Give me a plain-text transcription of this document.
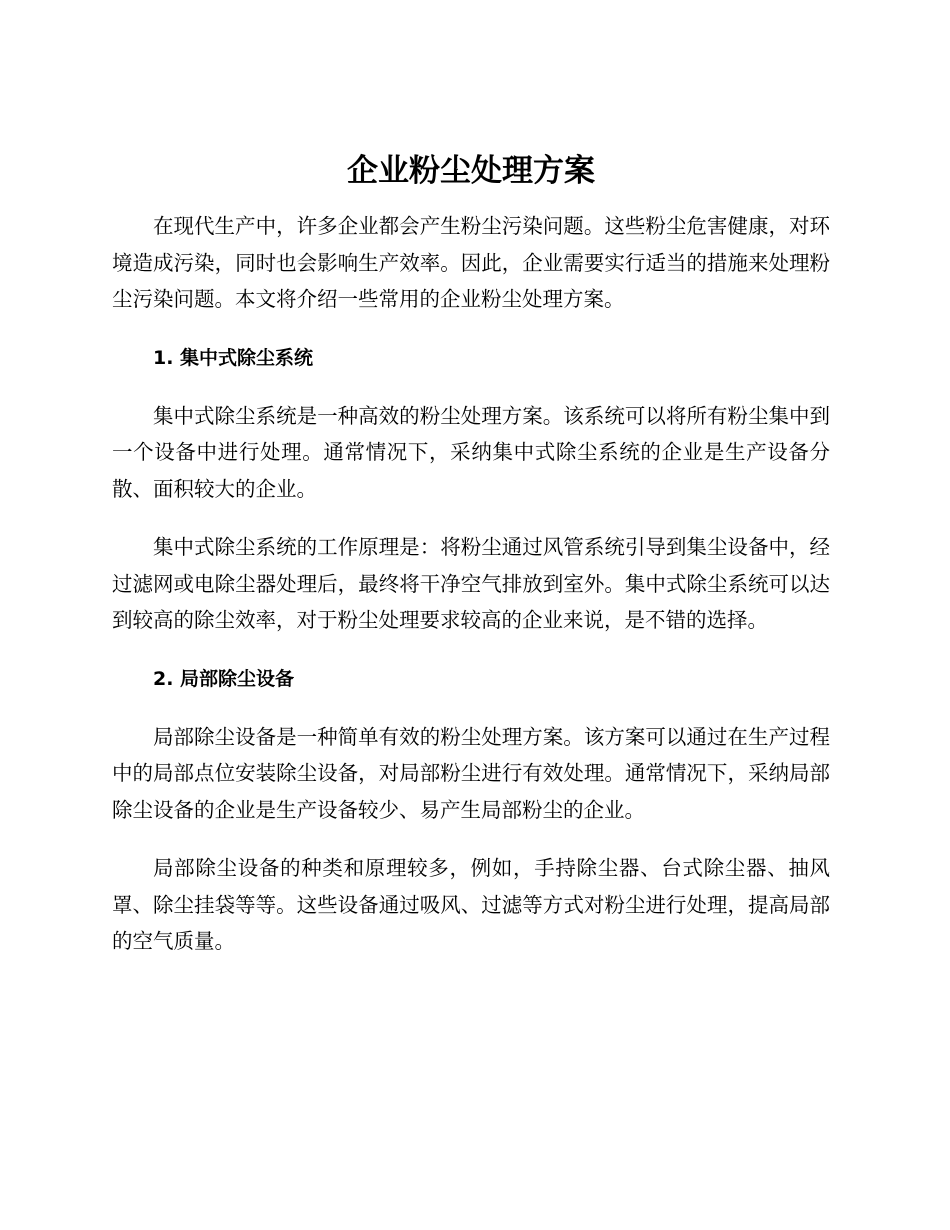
企业粉尘处理方案

在现代生产中，许多企业都会产生粉尘污染问题。这些粉尘危害健康，对环境造成污染，同时也会影响生产效率。因此，企业需要实行适当的措施来处理粉尘污染问题。本文将介绍一些常用的企业粉尘处理方案。

1. 集中式除尘系统

集中式除尘系统是一种高效的粉尘处理方案。该系统可以将所有粉尘集中到一个设备中进行处理。通常情况下，采纳集中式除尘系统的企业是生产设备分散、面积较大的企业。

集中式除尘系统的工作原理是：将粉尘通过风管系统引导到集尘设备中，经过滤网或电除尘器处理后，最终将干净空气排放到室外。集中式除尘系统可以达到较高的除尘效率，对于粉尘处理要求较高的企业来说，是不错的选择。

2. 局部除尘设备

局部除尘设备是一种简单有效的粉尘处理方案。该方案可以通过在生产过程中的局部点位安装除尘设备，对局部粉尘进行有效处理。通常情况下，采纳局部除尘设备的企业是生产设备较少、易产生局部粉尘的企业。

局部除尘设备的种类和原理较多，例如，手持除尘器、台式除尘器、抽风罩、除尘挂袋等等。这些设备通过吸风、过滤等方式对粉尘进行处理，提高局部的空气质量。
